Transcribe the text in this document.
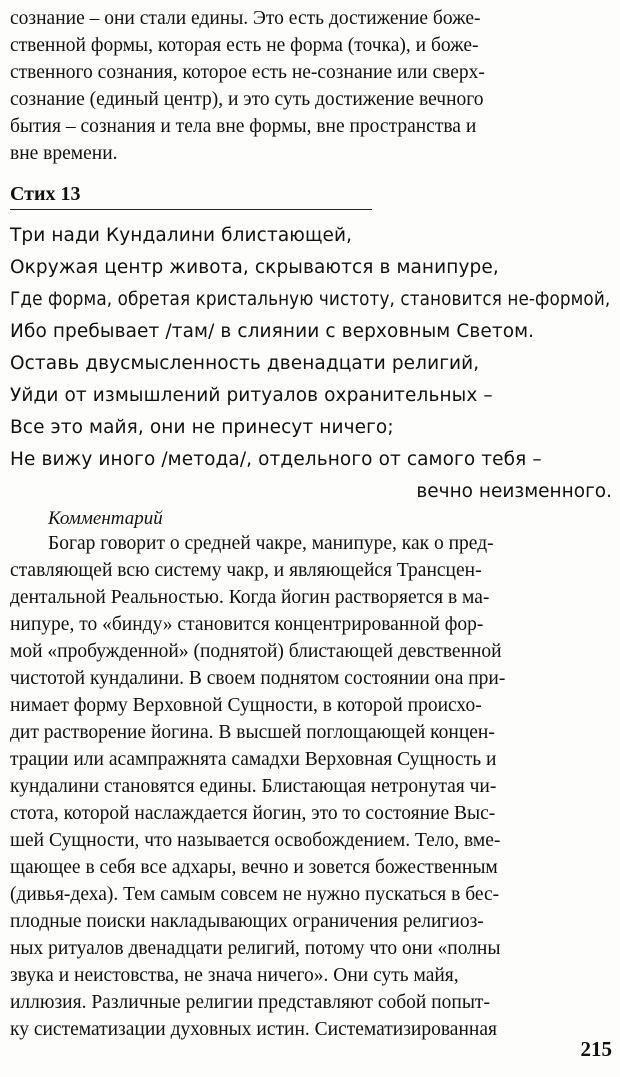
сознание – они стали едины. Это есть достижение боже-
ственной формы, которая есть не форма (точка), и боже-
ственного сознания, которое есть не-сознание или сверх-
сознание (единый центр), и это суть достижение вечного
бытия – сознания и тела вне формы, вне пространства и
вне времени.
Стих 13
Три нади Кундалини блистающей,
Окружая центр живота, скрываются в манипуре,
Где форма, обретая кристальную чистоту, становится не-формой,
Ибо пребывает /там/ в слиянии с верховным Светом.
Оставь двусмысленность двенадцати религий,
Уйди от измышлений ритуалов охранительных –
Все это майя, они не принесут ничего;
Не вижу иного /метода/, отдельного от самого тебя –
вечно неизменного.
Комментарий
Богар говорит о средней чакре, манипуре, как о пред-
ставляющей всю систему чакр, и являющейся Трансцен-
дентальной Реальностью. Когда йогин растворяется в ма-
нипуре, то «бинду» становится концентрированной фор-
мой «пробужденной» (поднятой) блистающей девственной
чистотой кундалини. В своем поднятом состоянии она при-
нимает форму Верховной Сущности, в которой происхо-
дит растворение йогина. В высшей поглощающей концен-
трации или асампражнята самадхи Верховная Сущность и
кундалини становятся едины. Блистающая нетронутая чи-
стота, которой наслаждается йогин, это то состояние Выс-
шей Сущности, что называется освобождением. Тело, вме-
щающее в себя все адхары, вечно и зовется божественным
(дивья-деха). Тем самым совсем не нужно пускаться в бес-
плодные поиски накладывающих ограничения религиоз-
ных ритуалов двенадцати религий, потому что они «полны
звука и неистовства, не знача ничего». Они суть майя,
иллюзия. Различные религии представляют собой попыт-
ку систематизации духовных истин. Систематизированная
215
